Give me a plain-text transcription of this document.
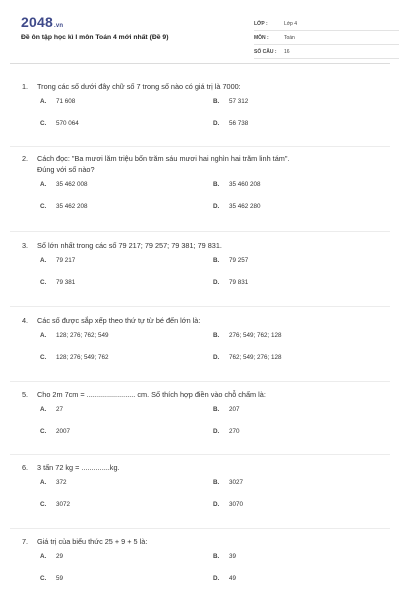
2048.vn
Đề ôn tập học kì I môn Toán 4 mới nhất (Đề 9)
LỚP :	Lớp 4
MÔN :	Toán
SỐ CÂU :	16
1.	Trong các số dưới đây chữ số 7 trong số nào có giá trị là 7000:
A. 71 608	B. 57 312
C. 570 064	D. 56 738
2.	Cách đọc: "Ba mươi lăm triệu bốn trăm sáu mươi hai nghìn hai trăm linh tám".
Đúng với số nào?
A. 35 462 008	B. 35 460 208
C. 35 462 208	D. 35 462 280
3.	Số lớn nhất trong các số 79 217; 79 257; 79 381; 79 831.
A. 79 217	B. 79 257
C. 79 381	D. 79 831
4.	Các số được sắp xếp theo thứ tự từ bé đến lớn là:
A. 128; 276; 762; 549	B. 276; 549; 762; 128
C. 128; 276; 549; 762	D. 762; 549; 276; 128
5.	Cho 2m 7cm = ........................ cm. Số thích hợp điền vào chỗ chấm là:
A. 27	B. 207
C. 2007	D. 270
6.	3 tấn 72 kg = ..............kg.
A. 372	B. 3027
C. 3072	D. 3070
7.	Giá trị của biểu thức 25 + 9 + 5 là:
A. 29	B. 39
C. 59	D. 49
